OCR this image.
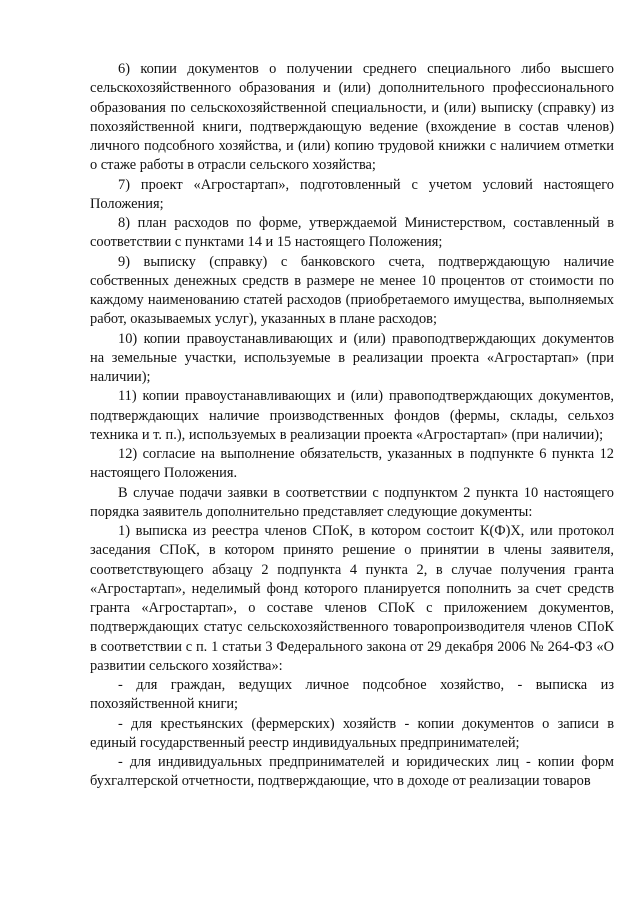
6) копии документов о получении среднего специального либо высшего сельскохозяйственного образования и (или) дополнительного профессионального образования по сельскохозяйственной специальности, и (или) выписку (справку) из похозяйственной книги, подтверждающую ведение (вхождение в состав членов) личного подсобного хозяйства, и (или) копию трудовой книжки с наличием отметки о стаже работы в отрасли сельского хозяйства;

7) проект «Агростартап», подготовленный с учетом условий настоящего Положения;

8) план расходов по форме, утверждаемой Министерством, составленный в соответствии с пунктами 14 и 15 настоящего Положения;

9) выписку (справку) с банковского счета, подтверждающую наличие собственных денежных средств в размере не менее 10 процентов от стоимости по каждому наименованию статей расходов (приобретаемого имущества, выполняемых работ, оказываемых услуг), указанных в плане расходов;

10) копии правоустанавливающих и (или) правоподтверждающих документов на земельные участки, используемые в реализации проекта «Агростартап» (при наличии);

11) копии правоустанавливающих и (или) правоподтверждающих документов, подтверждающих наличие производственных фондов (фермы, склады, сельхоз техника и т. п.), используемых в реализации проекта «Агростартап» (при наличии);

12) согласие на выполнение обязательств, указанных в подпункте 6 пункта 12 настоящего Положения.

В случае подачи заявки в соответствии с подпунктом 2 пункта 10 настоящего порядка заявитель дополнительно представляет следующие документы:

1) выписка из реестра членов СПоК, в котором состоит К(Ф)Х, или протокол заседания СПоК, в котором принято решение о принятии в члены заявителя, соответствующего абзацу 2 подпункта 4 пункта 2, в случае получения гранта «Агростартап», неделимый фонд которого планируется пополнить за счет средств гранта «Агростартап», о составе членов СПоК с приложением документов, подтверждающих статус сельскохозяйственного товаропроизводителя членов СПоК в соответствии с п. 1 статьи 3 Федерального закона от 29 декабря 2006 № 264-ФЗ «О развитии сельского хозяйства»:

- для граждан, ведущих личное подсобное хозяйство, - выписка из похозяйственной книги;

- для крестьянских (фермерских) хозяйств - копии документов о записи в единый государственный реестр индивидуальных предпринимателей;

- для индивидуальных предпринимателей и юридических лиц - копии форм бухгалтерской отчетности, подтверждающие, что в доходе от реализации товаров
